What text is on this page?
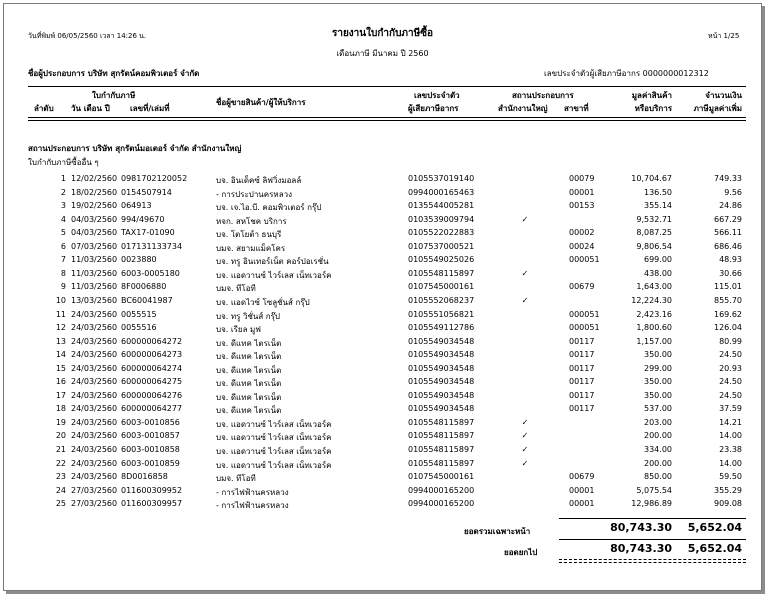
วันที่พิมพ์ 06/05/2560 เวลา 14:26 น.	รายงานใบกำกับภาษีซื้อ	หน้า 1/25
เดือนภาษี มีนาคม ปี 2560
ชื่อผู้ประกอบการ บริษัท สุกรัตน์คอมพิวเตอร์ จำกัด	เลขประจำตัวผู้เสียภาษีอากร 0000000012312
ใบกำกับภาษี
ลำดับ วัน เดือน ปี	เลขที่/เล่มที่
ชื่อผู้ขายสินค้า/ผู้ให้บริการ
เลขประจำตัว
ผู้เสียภาษีอากร
สถานประกอบการ
สำนักงานใหญ่ สาขาที่
มูลค่าสินค้า
หรือบริการ
จำนวนเงิน
ภาษีมูลค่าเพิ่ม
สถานประกอบการ บริษัท สุกรัตน์มอเตอร์ จำกัด สำนักงานใหญ่
ใบกำกับภาษีซื้ออื่น ๆ
1 12/02/2560 0981702120052	บจ. อินเด็คซ์ ลิฟวิ่งมอลล์	0105537019140	00079	10,704.67	749.33
2 18/02/2560 0154507914	- การประปานครหลวง	0994000165463	00001	136.50	9.56
3 19/02/2560 064913	บจ. เจ.ไอ.บี. คอมพิวเตอร์ กรุ๊ป	0135544005281	00153	355.14	24.86
4 04/03/2560 994/49670	หจก. สหโชค บริการ	0103539009794	✓	9,532.71	667.29
5 04/03/2560 TAX17-01090	บจ. โตโยต้า ธนบุรี	0105522022883	00002	8,087.25	566.11
6 07/03/2560 017131133734	บมจ. สยามแม็คโคร	0107537000521	00024	9,806.54	686.46
7 11/03/2560 0023880	บจ. ทรู อินเทอร์เน็ต คอร์ปอเรชั่น	0105549025026	000051	699.00	48.93
8 11/03/2560 6003-0005180	บจ. แอดวานซ์ ไวร์เลส เน็ทเวอร์ค	0105548115897	✓	438.00	30.66
9 11/03/2560 8F0006880	บมจ. ทีโอที	0107545000161	00679	1,643.00	115.01
10 13/03/2560 BC60041987	บจ. แอดไวซ์ โซลูชั่นส์ กรุ๊ป	0105552068237	✓	12,224.30	855.70
11 24/03/2560 0055515	บจ. ทรู วิชั่นส์ กรุ๊ป	0105551056821	000051	2,423.16	169.62
12 24/03/2560 0055516	บจ. เรียล มูฟ	0105549112786	000051	1,800.60	126.04
13 24/03/2560 600000064272	บจ. ดีแทค ไตรเน็ต	0105549034548	00117	1,157.00	80.99
14 24/03/2560 600000064273	บจ. ดีแทค ไตรเน็ต	0105549034548	00117	350.00	24.50
15 24/03/2560 600000064274	บจ. ดีแทค ไตรเน็ต	0105549034548	00117	299.00	20.93
16 24/03/2560 600000064275	บจ. ดีแทค ไตรเน็ต	0105549034548	00117	350.00	24.50
17 24/03/2560 600000064276	บจ. ดีแทค ไตรเน็ต	0105549034548	00117	350.00	24.50
18 24/03/2560 600000064277	บจ. ดีแทค ไตรเน็ต	0105549034548	00117	537.00	37.59
19 24/03/2560 6003-0010856	บจ. แอดวานซ์ ไวร์เลส เน็ทเวอร์ค	0105548115897	✓	203.00	14.21
20 24/03/2560 6003-0010857	บจ. แอดวานซ์ ไวร์เลส เน็ทเวอร์ค	0105548115897	✓	200.00	14.00
21 24/03/2560 6003-0010858	บจ. แอดวานซ์ ไวร์เลส เน็ทเวอร์ค	0105548115897	✓	334.00	23.38
22 24/03/2560 6003-0010859	บจ. แอดวานซ์ ไวร์เลส เน็ทเวอร์ค	0105548115897	✓	200.00	14.00
23 24/03/2560 8D0016858	บมจ. ทีโอที	0107545000161	00679	850.00	59.50
24 27/03/2560 011600309952	- การไฟฟ้านครหลวง	0994000165200	00001	5,075.54	355.29
25 27/03/2560 011600309957	- การไฟฟ้านครหลวง	0994000165200	00001	12,986.89	909.08
ยอดรวมเฉพาะหน้า	80,743.30	5,652.04
ยอดยกไป	80,743.30	5,652.04
